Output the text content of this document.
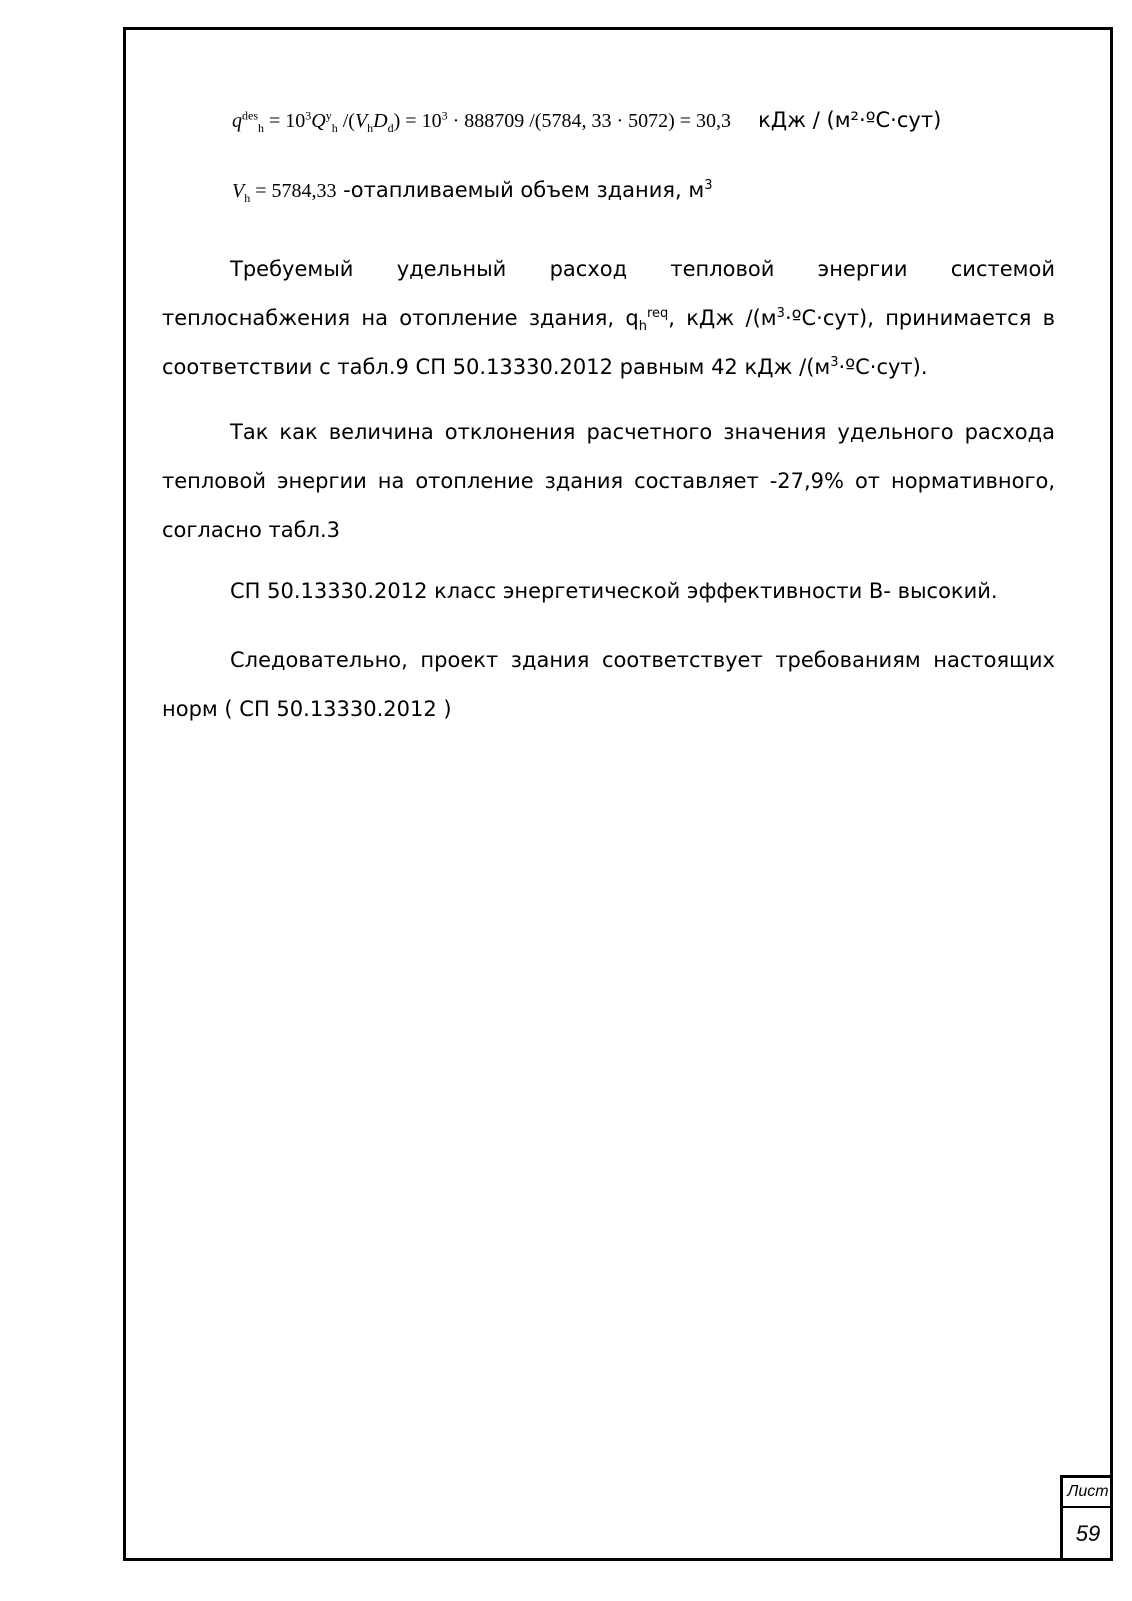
$q^{des}_h = 10^3Q^y_h$ $/(V_hD_d) = 10^3 \cdot 888709$ /(5784, 33 · 5072) = 30,3 кДж / (м²·ºС·сут)
$V_h = 5784,33$ -отапливаемый объем здания, $м^3$

Требуемый удельный расход тепловой энергии системой теплоснабжения на отопление здания, $q_h^{req}$, кДж $/(м^3\cdot ºС\cdot сут)$, принимается в соответствии с табл.9 СП 50.13330.2012 равным 42 кДж $/(м^3\cdot ºС\cdot сут)$.

Так как величина отклонения расчетного значения удельного расхода тепловой энергии на отопление здания составляет -27,9% от нормативного, согласно табл.3

СП 50.13330.2012 класс энергетической эффективности В- высокий.

Следовательно, проект здания соответствует требованиям настоящих норм ( СП 50.13330.2012 )

Лист
59
